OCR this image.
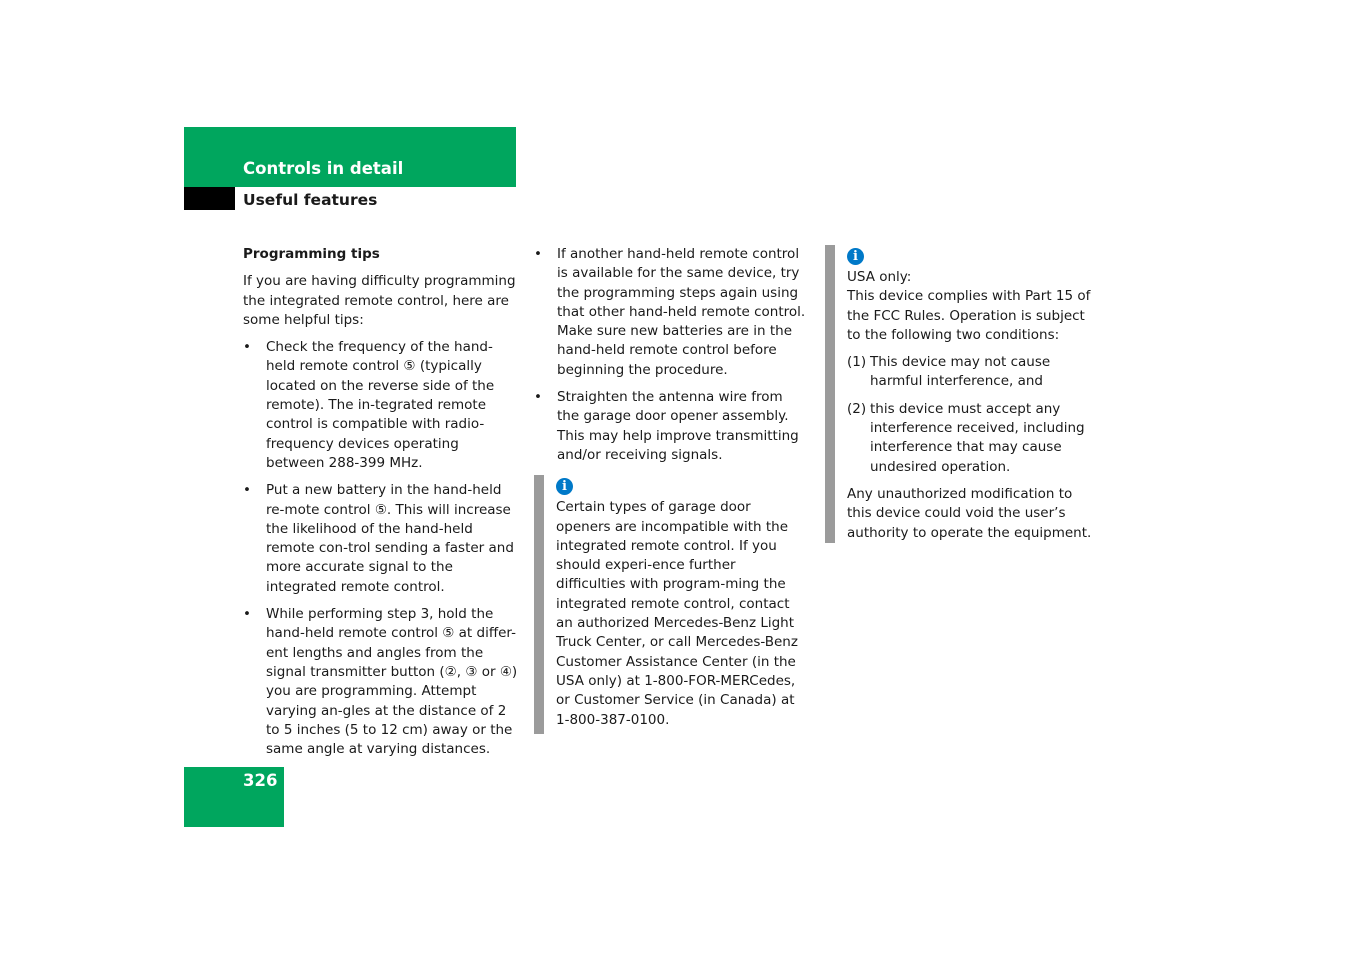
Controls in detail
Useful features

Programming tips

If you are having difficulty programming the integrated remote control, here are some helpful tips:

• Check the frequency of the hand-held remote control ⑤ (typically located on the reverse side of the remote). The in-tegrated remote control is compatible with radio-frequency devices operating between 288-399 MHz.
• Put a new battery in the hand-held re-mote control ⑤. This will increase the likelihood of the hand-held remote con-trol sending a faster and more accurate signal to the integrated remote control.
• While performing step 3, hold the hand-held remote control ⑤ at differ-ent lengths and angles from the signal transmitter button (②, ③ or ④) you are programming. Attempt varying an-gles at the distance of 2 to 5 inches (5 to 12 cm) away or the same angle at varying distances.
• If another hand-held remote control is available for the same device, try the programming steps again using that other hand-held remote control. Make sure new batteries are in the hand-held remote control before beginning the procedure.
• Straighten the antenna wire from the garage door opener assembly. This may help improve transmitting and/or receiving signals.
i

Certain types of garage door openers are incompatible with the integrated remote control. If you should experi-ence further difficulties with program-ming the integrated remote control, contact an authorized Mercedes-Benz Light Truck Center, or call Mercedes-Benz Customer Assistance Center (in the USA only) at 1-800-FOR-MERCedes, or Customer Service (in Canada) at 1-800-387-0100.

i

USA only:

This device complies with Part 15 of the FCC Rules. Operation is subject to the following two conditions:

(1) This device may not cause harmful interference, and
(2) this device must accept any interference received, including interference that may cause undesired operation.

Any unauthorized modification to this device could void the user’s authority to operate the equipment.

326
